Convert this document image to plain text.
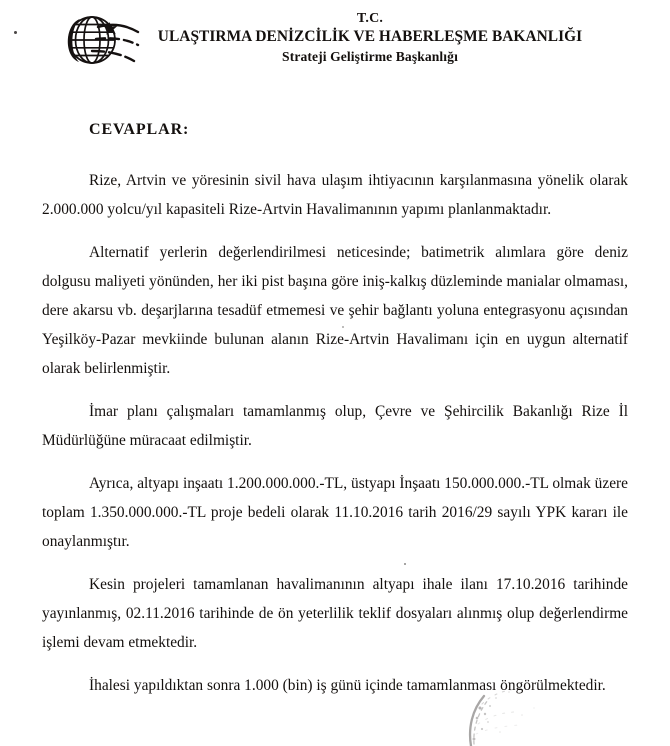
T.C.
ULAŞTIRMA DENİZCİLİK VE HABERLEŞME BAKANLIĞI
Strateji Geliştirme Başkanlığı
CEVAPLAR:

Rize, Artvin ve yöresinin sivil hava ulaşım ihtiyacının karşılanmasına yönelik olarak 2.000.000 yolcu/yıl kapasiteli Rize-Artvin Havalimanının yapımı planlanmaktadır.

Alternatif yerlerin değerlendirilmesi neticesinde; batimetrik alımlara göre deniz dolgusu maliyeti yönünden, her iki pist başına göre iniş-kalkış düzleminde manialar olmaması, dere akarsu vb. deşarjlarına tesadüf etmemesi ve şehir bağlantı yoluna entegrasyonu açısından Yeşilköy-Pazar mevkiinde bulunan alanın Rize-Artvin Havalimanı için en uygun alternatif olarak belirlenmiştir.

İmar planı çalışmaları tamamlanmış olup, Çevre ve Şehircilik Bakanlığı Rize İl Müdürlüğüne müracaat edilmiştir.

Ayrıca, altyapı inşaatı 1.200.000.000.-TL, üstyapı İnşaatı 150.000.000.-TL olmak üzere toplam 1.350.000.000.-TL proje bedeli olarak 11.10.2016 tarih 2016/29 sayılı YPK kararı ile onaylanmıştır.

Kesin projeleri tamamlanan havalimanının altyapı ihale ilanı 17.10.2016 tarihinde yayınlanmış, 02.11.2016 tarihinde de ön yeterlilik teklif dosyaları alınmış olup değerlendirme işlemi devam etmektedir.

İhalesi yapıldıktan sonra 1.000 (bin) iş günü içinde tamamlanması öngörülmektedir.
